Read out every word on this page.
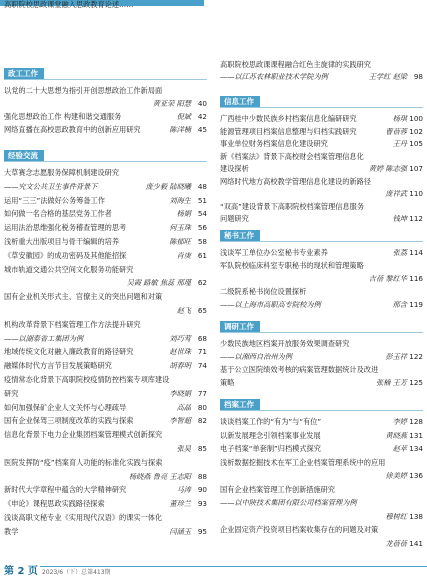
高职院校思政课堂融入思政教育论述……
政工工作
以党的二十大思想为指引开创思想政治工作新局面
黄亚荣 阳慧 40
强化思想政治工作 构建和谐交通服务	倪斌 42
网络直播在高校思政教育中的创新应用研究	陈洋楠 45
经验交流
大草赛念志愿服务保障机制建设研究
——究文公共卫生事件背景下	庞少毅 陆晓曦 48
运用“三三”法做好公务筹备工作	刘海生 51
如何做一名合格的基层党务工作者	杨娟 54
运用法治思维强化税务稽查管理的思考	何玉珠 56
浅析重大出版项目与骨干编辑的培养	陈郁旺 58
《草安徽园》的成功密码及其他能招探	肖庚 61
城市轨道交通公共空间文化服务功能研究
吴霞 路敏 焦蕊 邢瑾 62
国有企业机关形式主、官僚主义的突出问题和对策
赵飞 65
机构改革背景下档案管理工作方法提升研究
——以湖泰省工集团为例	刘巧莺 68
地域传统文化对融入廉政教育的路径研究	赵世珠 71
融媒体时代方言节目发展策略研究	胡春明 74
疫情常态化背景下高职院校疫情防控档案专项库建设
研究	李晓娟 77
如何加强保矿企业人文关怀与心理疏导	高晶 80
国有企业保驾三项制度改革的实践与探索	李智超 82
信息化背景下电力企业集团档案管理模式创新探究
张昊 85
医院发挥防“疫”档案育人功能的标准化实践与探索
杨晓燕 鲁亮 王志阳 88
新时代大学章程中蕴含的大学精神研究	马涛 90
《申论》课程思政实践路径探索	董珍兰 93
浅谈高职文秘专业《实用现代汉语》的课实一体化
教学	闫涵玉 95
高职院校思政课课程融合红色主旋律的实践研究
——以江苏农林职业技术学院为例	王学红 赵梁 98
信息工作
广西桂中少数民族乡村档案信息化编研研究	杨琪 100
能源管理项目档案信息整理与归档实践研究	曹蓓蓉 102
事业单位财务档案信息化建设研究	王丹 105
新《档案法》背景下高校财会档案管理信息化
建设探析	黄婷 陈志强 107
网络时代地方高校教学管理信息化建设的新路径
庞祥武 110
“双高”建设背景下高职院校档案管理信息服务
问题研究	钱坤 112
秘书工作
浅谈军工单位办公室秘书专业素养	张荔 114
军队院校临床科室专职秘书的现状和管理策略
吉蓓 黎红华 116
二级院系秘书岗位设置探析
——以上海市高职高专院校为例	邢含 119
调研工作
少数民族地区档案开放服务效果调查研究
——以湘西自治州为例	彭玉祥 122
基于公立医院绩效考核的病案管理数据统计及改进
策略	张楠 王芳 125
档案工作
谈谈档案工作的“有为”与“有位”	李婷 128
以新发展理念引领档案事业发展	黄晓燕 131
电子档案“单套制”归档模式探究	赵苹 134
浅析数据挖掘技术在军工企业档案管理系统中的应用
徐美婷 136
国有企业档案管理工作创新措施研究
——以中陕技术集团有限公司档案管理为例
穆树红 138
企业固定资产投资项目档案收集存在的问题及对策
龙蓓蓓 141
第 2 页 2023/6（下）总第413期
